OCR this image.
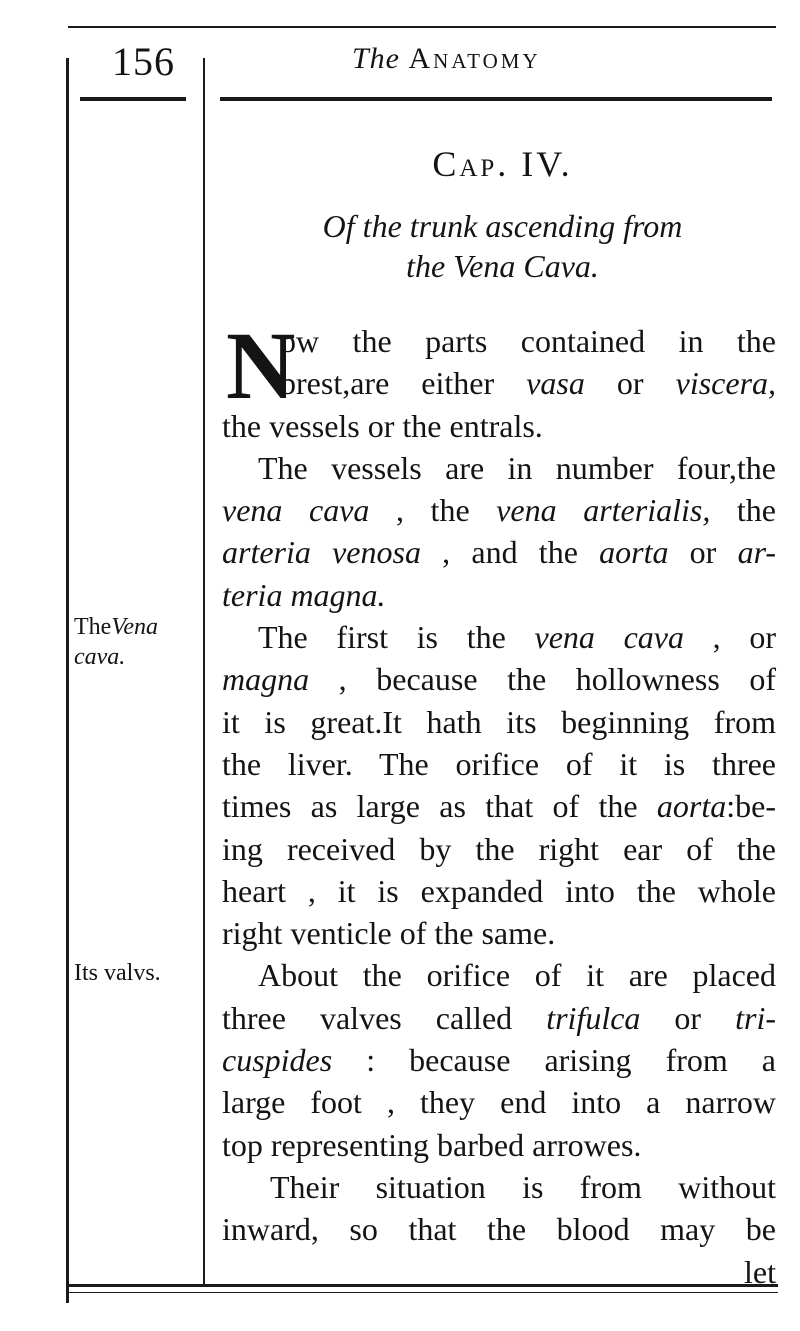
156	The Anatomy
Cap. IV.
Of the trunk ascending from
the Vena Cava.
TheVena
cava.
Its valvs.
N
ow the parts contained in the
brest,are either vasa or viscera,
the vessels or the entrals.
The vessels are in number four,the
vena cava , the vena arterialis, the
arteria venosa , and the aorta or ar-
teria magna.
The first is the vena cava , or
magna , because the hollowness of
it is great.It hath its beginning from
the liver. The orifice of it is three
times as large as that of the aorta:be-
ing received by the right ear of the
heart , it is expanded into the whole
right venticle of the same.
About the orifice of it are placed
three valves called trifulca or tri-
cuspides : because arising from a
large foot , they end into a narrow
top representing barbed arrowes.
Their situation is from without
inward, so that the blood may be
let
